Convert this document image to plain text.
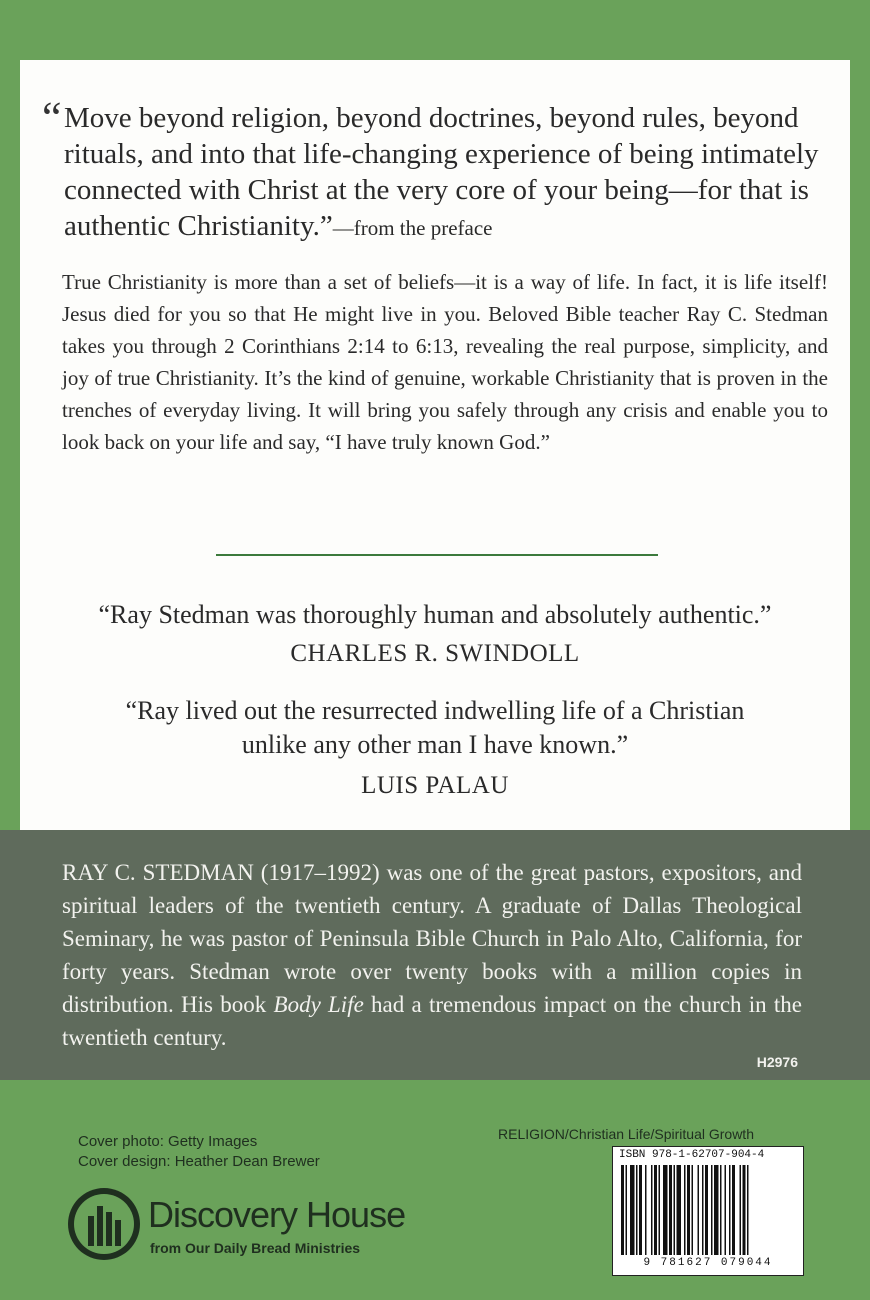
“ Move beyond religion, beyond doctrines, beyond rules, beyond rituals, and into that life-changing experience of being intimately connected with Christ at the very core of your being—for that is authentic Christianity.”—from the preface

True Christianity is more than a set of beliefs—it is a way of life. In fact, it is life itself! Jesus died for you so that He might live in you. Beloved Bible teacher Ray C. Stedman takes you through 2 Corinthians 2:14 to 6:13, revealing the real purpose, simplicity, and joy of true Christianity. It’s the kind of genuine, workable Christianity that is proven in the trenches of everyday living. It will bring you safely through any crisis and enable you to look back on your life and say, “I have truly known God.”

“Ray Stedman was thoroughly human and absolutely authentic.”

CHARLES R. SWINDOLL

“Ray lived out the resurrected indwelling life of a Christian unlike any other man I have known.”

LUIS PALAU

RAY C. STEDMAN (1917–1992) was one of the great pastors, expositors, and spiritual leaders of the twentieth century. A graduate of Dallas Theological Seminary, he was pastor of Peninsula Bible Church in Palo Alto, California, for forty years. Stedman wrote over twenty books with a million copies in distribution. His book Body Life had a tremendous impact on the church in the twentieth century.

H2976
Cover photo: Getty Images
Cover design: Heather Dean Brewer
RELIGION/Christian Life/Spiritual Growth
Discovery House
from Our Daily Bread Ministries
ISBN 978-1-62707-904-4
9 781627 079044
